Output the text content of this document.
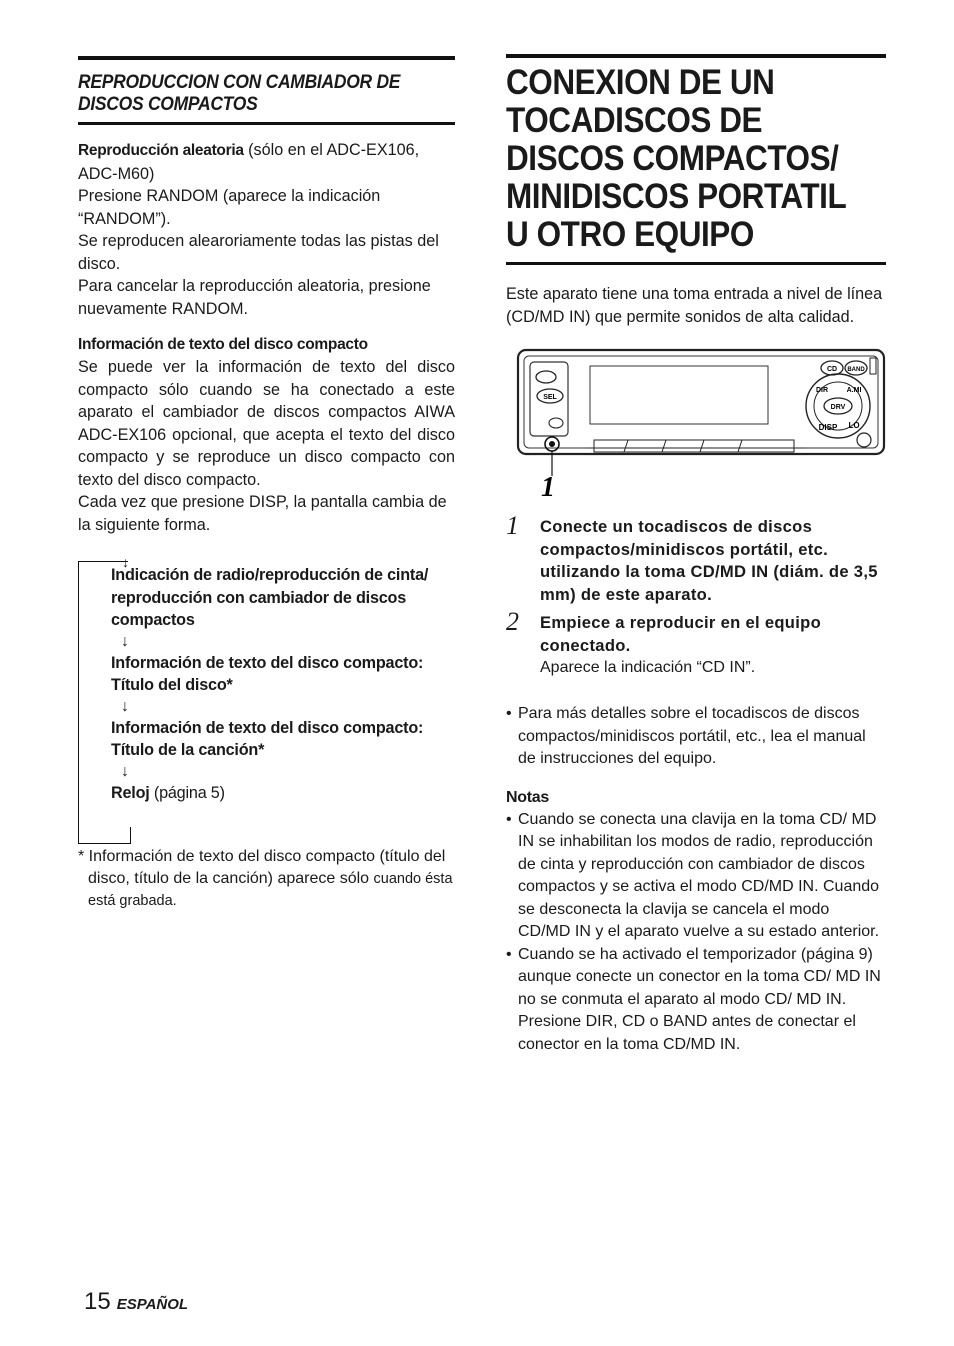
REPRODUCCION CON CAMBIADOR DE DISCOS COMPACTOS

Reproducción aleatoria (sólo en el ADC-EX106, ADC-M60)

Presione RANDOM (aparece la indicación “RANDOM”).

Se reproducen alearoriamente todas las pistas del disco.

Para cancelar la reproducción aleatoria, presione nuevamente RANDOM.

Información de texto del disco compacto

Se puede ver la información de texto del disco compacto sólo cuando se ha conectado a este aparato el cambiador de discos compactos AIWA ADC-EX106 opcional, que acepta el texto del disco compacto y se reproduce un disco compacto con texto del disco compacto.

Cada vez que presione DISP, la pantalla cambia de la siguiente forma.

↓
Indicación de radio/reproducción de cinta/ reproducción con cambiador de discos compactos
↓
Información de texto del disco compacto: Título del disco*
↓
Información de texto del disco compacto: Título de la canción*
↓
Reloj (página 5)
* Información de texto del disco compacto (título del disco, título de la canción) aparece sólo cuando ésta está grabada.
CONEXION DE UN TOCADISCOS DE DISCOS COMPACTOS/ MINIDISCOS PORTATIL U OTRO EQUIPO

Este aparato tiene una toma entrada a nivel de línea (CD/MD IN) que permite sonidos de alta calidad.

SEL
CD BAND
DRV
DIR	A.MI
DISP LO
1
1 Conecte un tocadiscos de discos compactos/minidiscos portátil, etc. utilizando la toma CD/MD IN (diám. de 3,5 mm) de este aparato.
2 Empiece a reproducir en el equipo conectado.
Aparece la indicación “CD IN”.
• Para más detalles sobre el tocadiscos de discos compactos/minidiscos portátil, etc., lea el manual de instrucciones del equipo.

Notas

• Cuando se conecta una clavija en la toma CD/ MD IN se inhabilitan los modos de radio, reproducción de cinta y reproducción con cambiador de discos compactos y se activa el modo CD/MD IN. Cuando se desconecta la clavija se cancela el modo CD/MD IN y el aparato vuelve a su estado anterior.
• Cuando se ha activado el temporizador (página 9) aunque conecte un conector en la toma CD/ MD IN no se conmuta el aparato al modo CD/ MD IN. Presione DIR, CD o BAND antes de conectar el conector en la toma CD/MD IN.
15 ESPAÑOL
